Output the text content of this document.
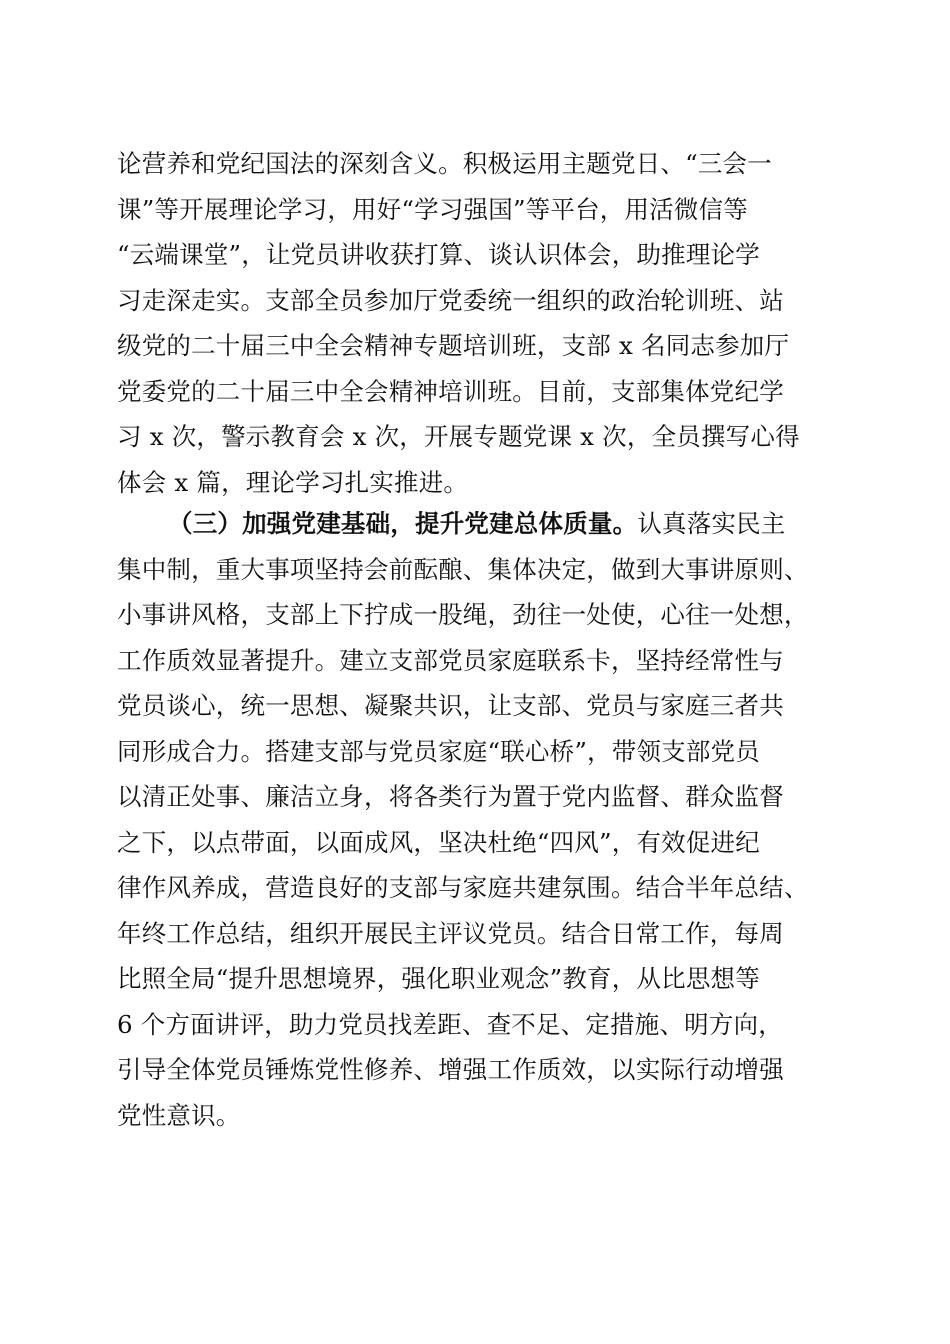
论营养和党纪国法的深刻含义。积极运用主题党日、“三会一
课”等开展理论学习，用好“学习强国”等平台，用活微信等
“云端课堂”，让党员讲收获打算、谈认识体会，助推理论学
习走深走实。支部全员参加厅党委统一组织的政治轮训班、站
级党的二十届三中全会精神专题培训班，支部 x 名同志参加厅
党委党的二十届三中全会精神培训班。目前，支部集体党纪学
习 x 次，警示教育会 x 次，开展专题党课 x 次，全员撰写心得
体会 x 篇，理论学习扎实推进。
（三）加强党建基础，提升党建总体质量。认真落实民主
集中制，重大事项坚持会前酝酿、集体决定，做到大事讲原则、
小事讲风格，支部上下拧成一股绳，劲往一处使，心往一处想，
工作质效显著提升。建立支部党员家庭联系卡，坚持经常性与
党员谈心，统一思想、凝聚共识，让支部、党员与家庭三者共
同形成合力。搭建支部与党员家庭“联心桥”，带领支部党员
以清正处事、廉洁立身，将各类行为置于党内监督、群众监督
之下，以点带面，以面成风，坚决杜绝“四风”，有效促进纪
律作风养成，营造良好的支部与家庭共建氛围。结合半年总结、
年终工作总结，组织开展民主评议党员。结合日常工作，每周
比照全局“提升思想境界，强化职业观念”教育，从比思想等
6 个方面讲评，助力党员找差距、查不足、定措施、明方向，
引导全体党员锤炼党性修养、增强工作质效，以实际行动增强
党性意识。
